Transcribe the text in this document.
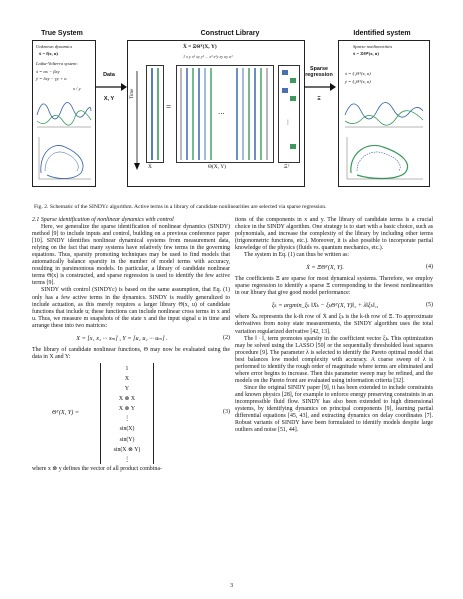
True System
Unknown dynamics
ẋ = f(x, u)
Lotka-Volterra system:
ẋ = αx − βxy
ẏ = δxy − γy + u
x / y
Data
X, Υ
Construct Library
Ẋ = ΞΘᵀ(X, Υ)
1 x y x² xy y² ... x³ x²y xy uy u²
Time
Ẋ
=
···
Θ(X, Υ)
⋮
Ξᵀ
Sparse regression
Ξ
Identified system
Sparse nonlinearities
ẋ = ΞΘᵀ(x, u)
ẋ = ξ₁Θᵀ(x, u)
ẏ = ξ₂Θᵀ(x, u)
Fig. 2. Schematic of the SINDYc algorithm. Active terms in a library of candidate nonlinearities are selected via sparse regression.

2.1 Sparse identification of nonlinear dynamics with control

Here, we generalize the sparse identification of nonlinear dynamics (SINDY) method [9] to include inputs and control, building on a previous conference paper [10]. SINDY identifies nonlinear dynamical systems from measurement data, relying on the fact that many systems have relatively few terms in the governing equations. Thus, sparsity promoting techniques may be used to find models that automatically balance sparsity in the number of model terms with accuracy, resulting in parsimonious models. In particular, a library of candidate nonlinear terms Θ(x) is constructed, and sparse regression is used to identify the few active terms [9].

SINDY with control (SINDYc) is based on the same assumption, that Eq. (1) only has a few active terms in the dynamics. SINDY is readily generalized to include actuation, as this merely requires a larger library Θ(x, u) of candidate functions that include u; these functions can include nonlinear cross terms in x and u. Thus, we measure m snapshots of the state x and the input signal u in time and arrange these into two matrices:

X = [x₁ x₂ ··· xₘ] , Υ = [u₁ u₂ ··· uₘ] .	(2)

The library of candidate nonlinear functions, Θ may now be evaluated using the data in X and Υ:

Θᵀ(X, Υ) =
1
X
Υ
X ⊗ X
X ⊗ Υ
⋮
sin(X)
sin(Υ)
sin(X ⊗ Υ)
⋮
(3)

where x ⊗ y defines the vector of all product combina-

tions of the components in x and y. The library of candidate terms is a crucial choice in the SINDY algorithm. One strategy is to start with a basic choice, such as polynomials, and increase the complexity of the library by including other terms (trigonometric functions, etc.). Moreover, it is also possible to incorporate partial knowledge of the physics (fluids vs. quantum mechanics, etc.).

The system in Eq. (1) can thus be written as:

Ẋ = ΞΘᵀ(X, Υ).	(4)

The coefficients Ξ are sparse for most dynamical systems. Therefore, we employ sparse regression to identify a sparse Ξ corresponding to the fewest nonlinearities in our library that give good model performance:

ξₖ = argmin_ξₖ ‖Ẋₖ − ξₖΘᵀ(X, Υ)‖₂ + λ‖ξₖ‖₁,	(5)

where Ẋₖ represents the k-th row of Ẋ and ξₖ is the k-th row of Ξ. To approximate derivatives from noisy state measurements, the SINDY algorithm uses the total variation regularized derivative [42, 13].

The ‖ · ‖₁ term promotes sparsity in the coefficient vector ξₖ. This optimization may be solved using the LASSO [50] or the sequentially thresholded least squares procedure [9]. The parameter λ is selected to identify the Pareto optimal model that best balances low model complexity with accuracy. A coarse sweep of λ is performed to identify the rough order of magnitude where terms are eliminated and where error begins to increase. Then this parameter sweep may be refined, and the models on the Pareto front are evaluated using information criteria [32].

Since the original SINDY paper [9], it has been extended to include constraints and known physics [28], for example to enforce energy preserving constraints in an incompressible fluid flow. SINDY has also been extended to high dimensional systems, by identifying dynamics on principal components [9], learning partial differential equations [45, 43], and extracting dynamics on delay coordinates [7]. Robust variants of SINDY have been formulated to identify models despite large outliers and noise [51, 44].

3
